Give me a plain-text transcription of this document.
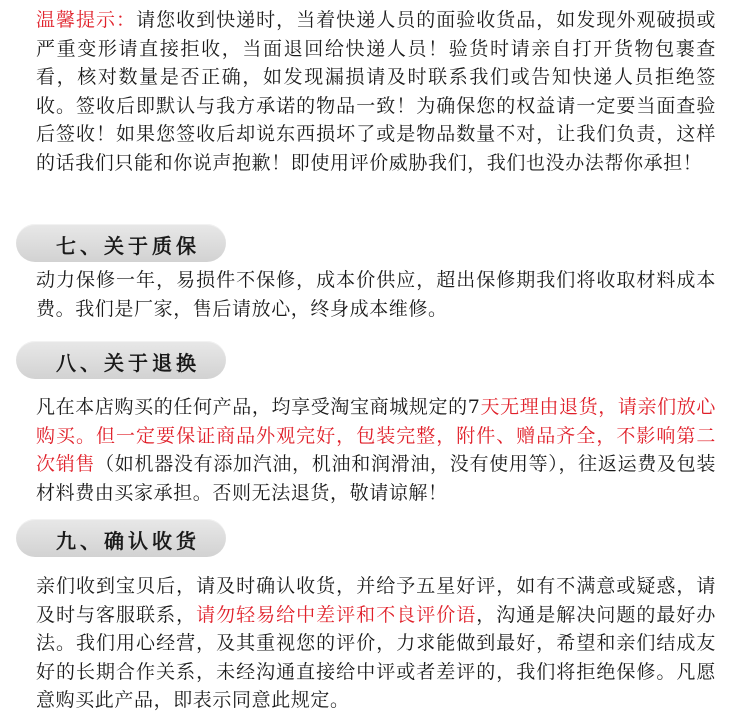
温馨提示：请您收到快递时，当着快递人员的面验收货品，如发现外观破损或严重变形请直接拒收，当面退回给快递人员！验货时请亲自打开货物包裹查看，核对数量是否正确，如发现漏损请及时联系我们或告知快递人员拒绝签收。签收后即默认与我方承诺的物品一致！为确保您的权益请一定要当面查验后签收！如果您签收后却说东西损坏了或是物品数量不对，让我们负责，这样的话我们只能和你说声抱歉！即使用评价威胁我们，我们也没办法帮你承担！

七、关于质保

动力保修一年，易损件不保修，成本价供应，超出保修期我们将收取材料成本费。我们是厂家，售后请放心，终身成本维修。

八、关于退换

凡在本店购买的任何产品，均享受淘宝商城规定的7天无理由退货，请亲们放心购买。但一定要保证商品外观完好，包装完整，附件、赠品齐全，不影响第二次销售（如机器没有添加汽油，机油和润滑油，没有使用等），往返运费及包装材料费由买家承担。否则无法退货，敬请谅解！

九、确认收货

亲们收到宝贝后，请及时确认收货，并给予五星好评，如有不满意或疑惑，请及时与客服联系，请勿轻易给中差评和不良评价语，沟通是解决问题的最好办法。我们用心经营，及其重视您的评价，力求能做到最好，希望和亲们结成友好的长期合作关系，未经沟通直接给中评或者差评的，我们将拒绝保修。凡愿意购买此产品，即表示同意此规定。
